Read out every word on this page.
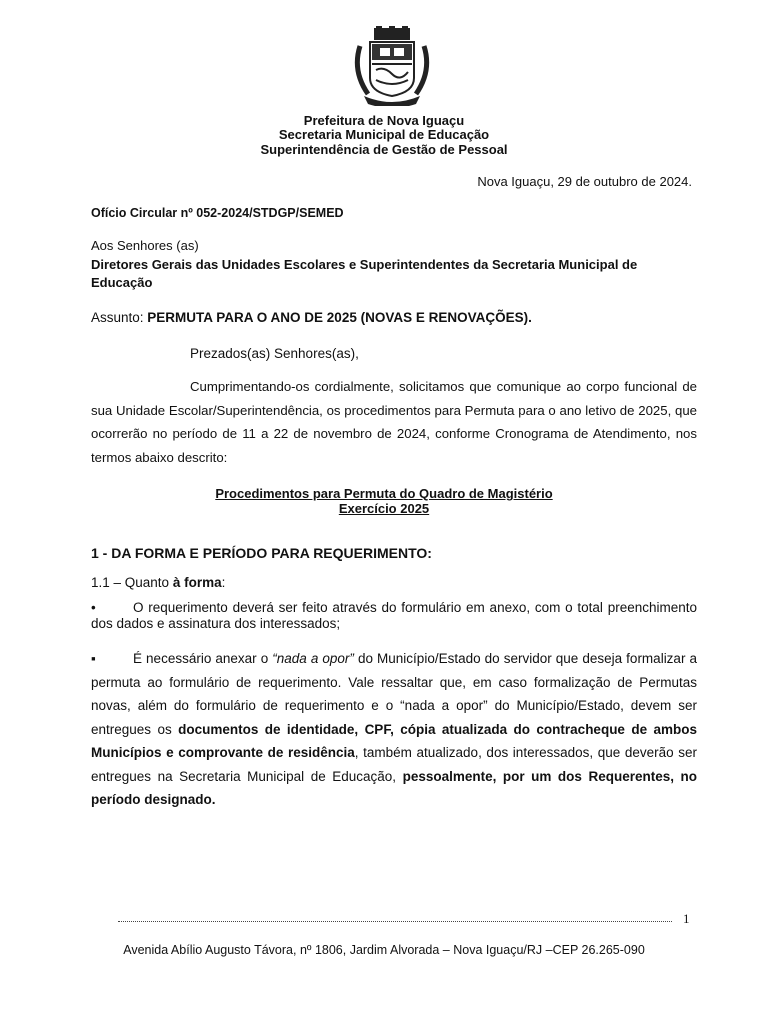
Prefeitura de Nova Iguaçu
Secretaria Municipal de Educação
Superintendência de Gestão de Pessoal
Nova Iguaçu, 29 de outubro de 2024.
Ofício Circular nº 052-2024/STDGP/SEMED
Aos Senhores (as)
Diretores Gerais das Unidades Escolares e Superintendentes da Secretaria Municipal de Educação
Assunto: PERMUTA PARA O ANO DE 2025 (NOVAS E RENOVAÇÕES).
Prezados(as) Senhores(as),
Cumprimentando-os cordialmente, solicitamos que comunique ao corpo funcional de sua Unidade Escolar/Superintendência, os procedimentos para Permuta para o ano letivo de 2025, que ocorrerão no período de 11 a 22 de novembro de 2024, conforme Cronograma de Atendimento, nos termos abaixo descrito:
Procedimentos para Permuta do Quadro de Magistério
Exercício 2025
1 - DA FORMA E PERÍODO PARA REQUERIMENTO:
1.1 – Quanto à forma:
•	O requerimento deverá ser feito através do formulário em anexo, com o total preenchimento dos dados e assinatura dos interessados;
▪	É necessário anexar o “nada a opor” do Município/Estado do servidor que deseja formalizar a permuta ao formulário de requerimento. Vale ressaltar que, em caso formalização de Permutas novas, além do formulário de requerimento e o “nada a opor” do Município/Estado, devem ser entregues os documentos de identidade, CPF, cópia atualizada do contracheque de ambos Municípios e comprovante de residência, também atualizado, dos interessados, que deverão ser entregues na Secretaria Municipal de Educação, pessoalmente, por um dos Requerentes, no período designado.
1
Avenida Abílio Augusto Távora, nº 1806, Jardim Alvorada – Nova Iguaçu/RJ –CEP 26.265-090
